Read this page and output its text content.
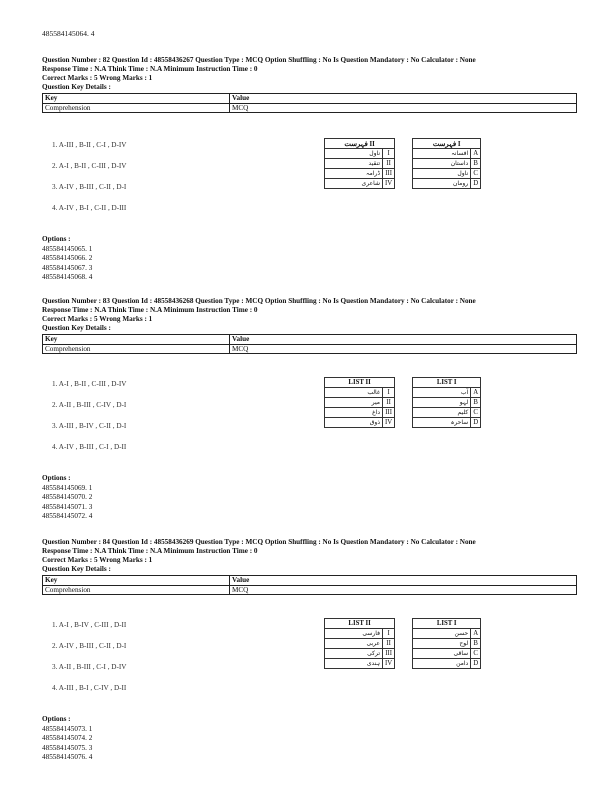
485584145064. 4
Question Number : 82 Question Id : 48558436267 Question Type : MCQ Option Shuffling : No Is Question Mandatory : No Calculator : None
Response Time : N.A Think Time : N.A Minimum Instruction Time : 0
Correct Marks : 5 Wrong Marks : 1
Question Key Details :
Key	Value
Comprehension	MCQ
1. A-III , B-II , C-I , D-IV
2. A-I , B-II , C-III , D-IV
3. A-IV , B-III , C-II , D-I
4. A-IV , B-I , C-II , D-III
فہرست II			فہرست I	
ناول	I		افسانہ	A
تنقید	II		داستان	B
ڈرامہ	III		ناول	C
شاعری	IV		رومان	D
Options :
485584145065. 1
485584145066. 2
485584145067. 3
485584145068. 4
Question Number : 83 Question Id : 48558436268 Question Type : MCQ Option Shuffling : No Is Question Mandatory : No Calculator : None
Response Time : N.A Think Time : N.A Minimum Instruction Time : 0
Correct Marks : 5 Wrong Marks : 1
Question Key Details :
Key	Value
Comprehension	MCQ
1. A-I , B-II , C-III , D-IV
2. A-II , B-III , C-IV , D-I
3. A-III , B-IV , C-II , D-I
4. A-IV , B-III , C-I , D-II
LIST II			LIST I	
غالب	I		آب	A
میر	II		لہو	B
داغ	III		کلیم	C
ذوق	IV		ساحرہ	D
Options :
485584145069. 1
485584145070. 2
485584145071. 3
485584145072. 4
Question Number : 84 Question Id : 48558436269 Question Type : MCQ Option Shuffling : No Is Question Mandatory : No Calculator : None
Response Time : N.A Think Time : N.A Minimum Instruction Time : 0
Correct Marks : 5 Wrong Marks : 1
Question Key Details :
Key	Value
Comprehension	MCQ
1. A-I , B-IV , C-III , D-II
2. A-IV , B-III , C-II , D-I
3. A-II , B-III , C-I , D-IV
4. A-III , B-I , C-IV , D-II
LIST II			LIST I	
فارسی	I		حسن	A
عربی	II		لوح	B
ترکی	III		ساقی	C
ہندی	IV		دامن	D
Options :
485584145073. 1
485584145074. 2
485584145075. 3
485584145076. 4
